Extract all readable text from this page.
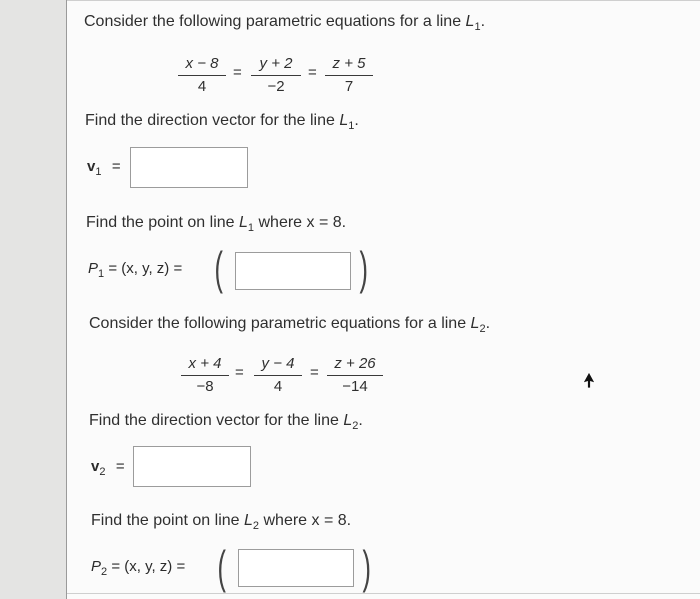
Consider the following parametric equations for a line $L_1$.
$\frac{x - 8}{4} = \frac{y + 2}{-2} = \frac{z + 5}{7}$
Find the direction vector for the line $L_1$.
$v_1$ =
Find the point on line $L_1$ where x = 8.
$P_1 = (x$, y, z) = (	)
Consider the following parametric equations for a line $L_2$.
$\frac{x + 4}{-8} = \frac{y - 4}{4} = \frac{z + 26}{-14}$
Find the direction vector for the line $L_2$.
$v_2$ =
Find the point on line $L_2$ where x = 8.
$P_2 = (x$, y, z) = (	)
